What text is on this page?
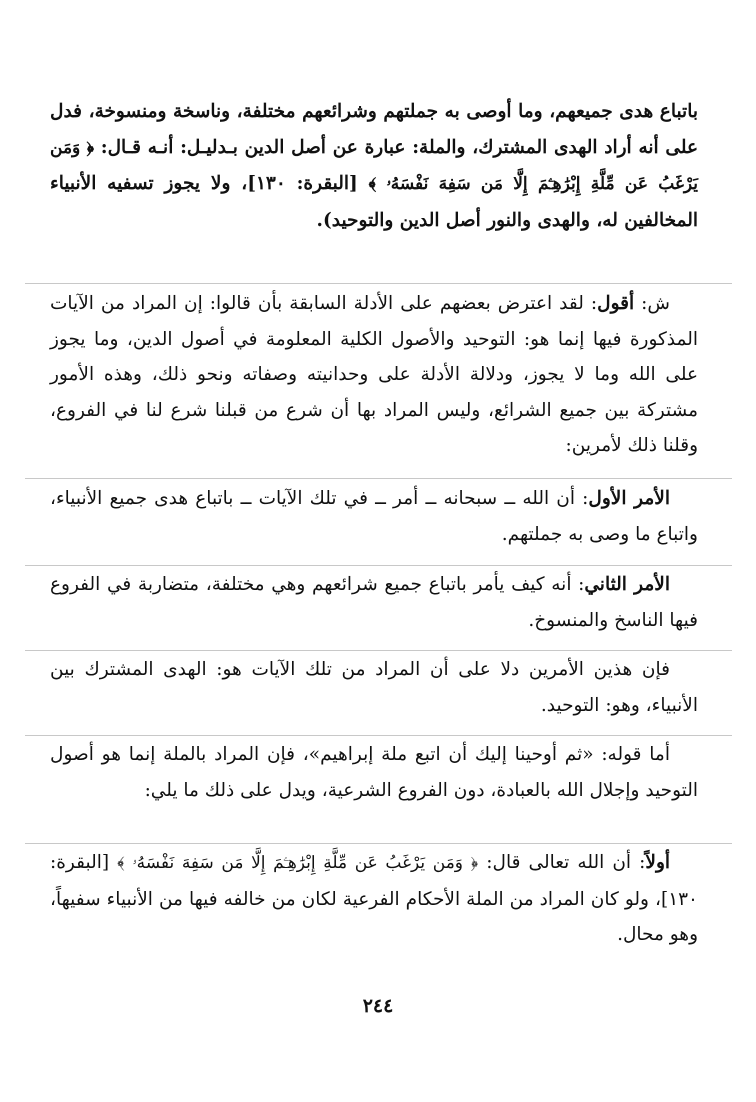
باتباع هدى جميعهم، وما أوصى به جملتهم وشرائعهم مختلفة، وناسخة ومنسوخة، فدل على أنه أراد الهدى المشترك، والملة: عبارة عن أصل الدين بـدليـل: أنـه قـال: ﴿ وَمَن يَرْغَبُ عَن مِّلَّةِ إِبْرَٰهِـۧمَ إِلَّا مَن سَفِهَ نَفْسَهُۥ ﴾ [البقرة: ١٣٠]، ولا يجوز تسفيه الأنبياء المخالفين له، والهدى والنور أصل الدين والتوحيد).
ش: أقول: لقد اعترض بعضهم على الأدلة السابقة بأن قالوا: إن المراد من الآيات المذكورة فيها إنما هو: التوحيد والأصول الكلية المعلومة في أصول الدين، وما يجوز على الله وما لا يجوز، ودلالة الأدلة على وحدانيته وصفاته ونحو ذلك، وهذه الأمور مشتركة بين جميع الشرائع، وليس المراد بها أن شرع من قبلنا شرع لنا في الفروع، وقلنا ذلك لأمرين:
الأمر الأول: أن الله ــ سبحانه ــ أمر ــ في تلك الآيات ــ باتباع هدى جميع الأنبياء، واتباع ما وصى به جملتهم.
الأمر الثاني: أنه كيف يأمر باتباع جميع شرائعهم وهي مختلفة، متضاربة في الفروع فيها الناسخ والمنسوخ.
فإن هذين الأمرين دلا على أن المراد من تلك الآيات هو: الهدى المشترك بين الأنبياء، وهو: التوحيد.
أما قوله: «ثم أوحينا إليك أن اتبع ملة إبراهيم»، فإن المراد بالملة إنما هو أصول التوحيد وإجلال الله بالعبادة، دون الفروع الشرعية، ويدل على ذلك ما يلي:
أولاً: أن الله تعالى قال: ﴿ وَمَن يَرْغَبُ عَن مِّلَّةِ إِبْرَٰهِـۧمَ إِلَّا مَن سَفِهَ نَفْسَهُۥ ﴾ [البقرة: ١٣٠]، ولو كان المراد من الملة الأحكام الفرعية لكان من خالفه فيها من الأنبياء سفيهاً، وهو محال.
٢٤٤
